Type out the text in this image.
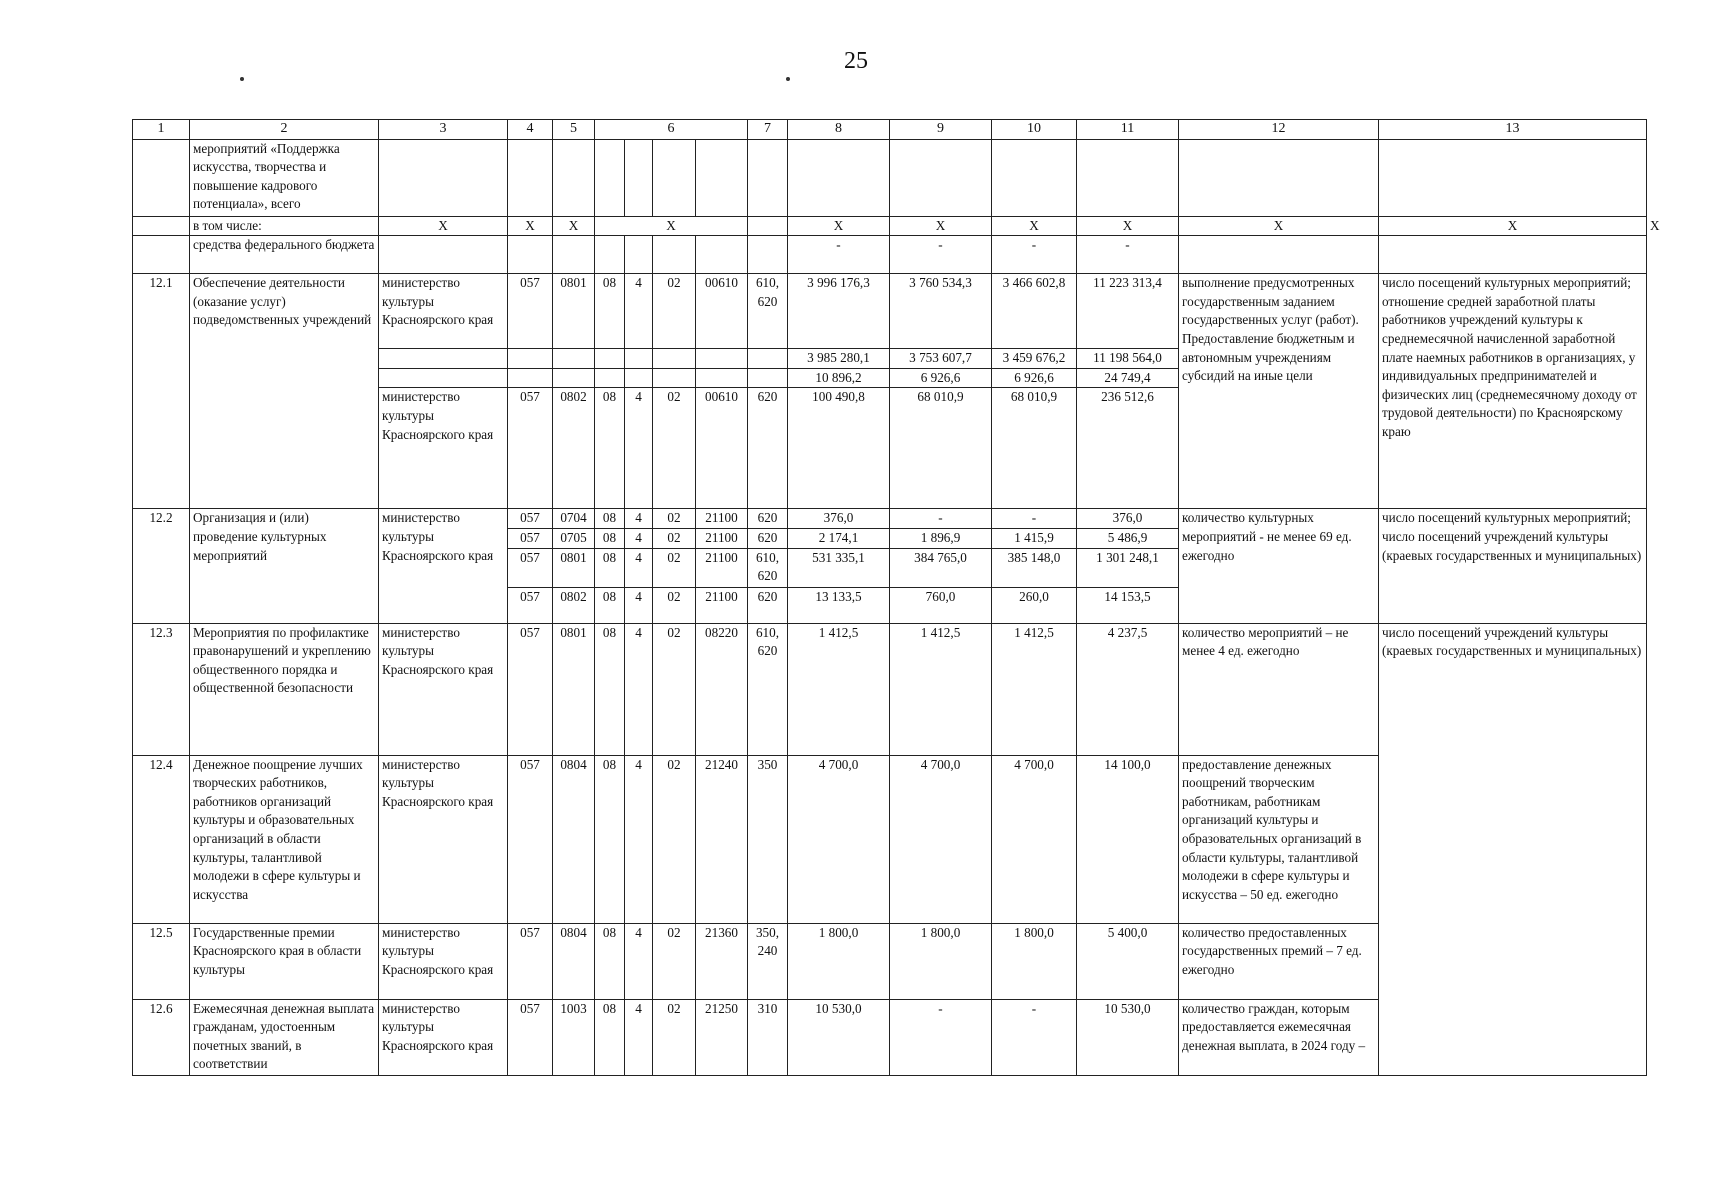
25
1	2	3	4	5	6				7	8	9	10	11	12	13	
	мероприятий «Поддержка искусства, творчества и повышение кадрового потенциала», всего															
	в том числе:	X	X	X	X					X	X	X	X	X	X	X
	средства федерального бюджета									-	-	-	-			
12.1	Обеспечение деятельности (оказание услуг) подведомственных учреждений	министерство культуры Красноярского края	057	0801	08	4	02	00610	610, 620	3 996 176,3	3 760 534,3	3 466 602,8	11 223 313,4	выполнение предусмотренных государственным заданием государственных услуг (работ). Предоставление бюджетным и автономным учреждениям субсидий на иные цели	число посещений культурных мероприятий; отношение средней заработной платы работников учреждений культуры к среднемесячной начисленной заработной плате наемных работников в организациях, у индивидуальных предпринимателей и физических лиц (среднемесячному доходу от трудовой деятельности) по Красноярскому краю	
										3 985 280,1	3 753 607,7	3 459 676,2	11 198 564,0			
										10 896,2	6 926,6	6 926,6	24 749,4			
		министерство культуры Красноярского края	057	0802	08	4	02	00610	620	100 490,8	68 010,9	68 010,9	236 512,6			
12.2	Организация и (или) проведение культурных мероприятий	министерство культуры Красноярского края	057	0704	08	4	02	21100	620	376,0	-	-	376,0	количество культурных мероприятий - не менее 69 ед. ежегодно	число посещений культурных мероприятий; число посещений учреждений культуры (краевых государственных и муниципальных)	
			057	0705	08	4	02	21100	620	2 174,1	1 896,9	1 415,9	5 486,9			
			057	0801	08	4	02	21100	610, 620	531 335,1	384 765,0	385 148,0	1 301 248,1			
			057	0802	08	4	02	21100	620	13 133,5	760,0	260,0	14 153,5			
12.3	Мероприятия по профилактике правонарушений и укреплению общественного порядка и общественной безопасности	министерство культуры Красноярского края	057	0801	08	4	02	08220	610, 620	1 412,5	1 412,5	1 412,5	4 237,5	количество мероприятий – не менее 4 ед. ежегодно	число посещений учреждений культуры (краевых государственных и муниципальных)	
12.4	Денежное поощрение лучших творческих работников, работников организаций культуры и образовательных организаций в области культуры, талантливой молодежи в сфере культуры и искусства	министерство культуры Красноярского края	057	0804	08	4	02	21240	350	4 700,0	4 700,0	4 700,0	14 100,0	предоставление денежных поощрений творческим работникам, работникам организаций культуры и образовательных организаций в области культуры, талантливой молодежи в сфере культуры и искусства – 50 ед. ежегодно		
12.5	Государственные премии Красноярского края в области культуры	министерство культуры Красноярского края	057	0804	08	4	02	21360	350, 240	1 800,0	1 800,0	1 800,0	5 400,0	количество предоставленных государственных премий – 7 ед. ежегодно		
12.6	Ежемесячная денежная выплата гражданам, удостоенным почетных званий, в соответствии	министерство культуры Красноярского края	057	1003	08	4	02	21250	310	10 530,0	-	-	10 530,0	количество граждан, которым предоставляется ежемесячная денежная выплата, в 2024 году –		
